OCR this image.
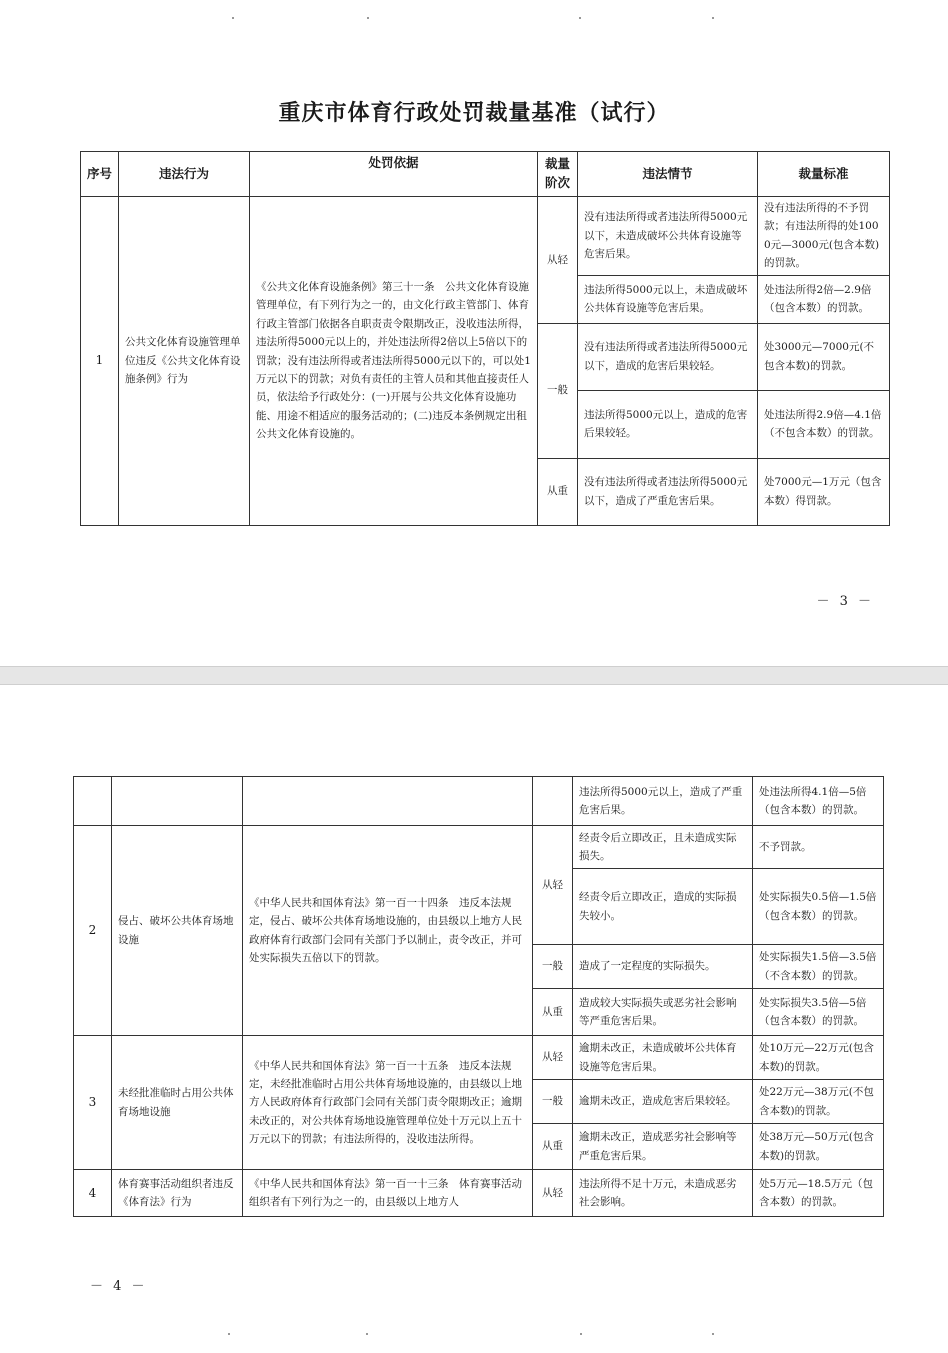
重庆市体育行政处罚裁量基准（试行）
序号	违法行为	处罚依据	裁量阶次	违法情节	裁量标准
1	公共文化体育设施管理单位违反《公共文化体育设施条例》行为	《公共文化体育设施条例》第三十一条　公共文化体育设施管理单位，有下列行为之一的，由文化行政主管部门、体育行政主管部门依据各自职责责令限期改正，没收违法所得，违法所得5000元以上的，并处违法所得2倍以上5倍以下的罚款；没有违法所得或者违法所得5000元以下的，可以处1万元以下的罚款；对负有责任的主管人员和其他直接责任人员，依法给予行政处分：(一)开展与公共文化体育设施功能、用途不相适应的服务活动的；(二)违反本条例规定出租公共文化体育设施的。	从轻	没有违法所得或者违法所得5000元以下，未造成破坏公共体育设施等危害后果。	没有违法所得的不予罚款；有违法所得的处1000元—3000元(包含本数)的罚款。
				违法所得5000元以上，未造成破坏公共体育设施等危害后果。	处违法所得2倍—2.9倍（包含本数）的罚款。
			一般	没有违法所得或者违法所得5000元以下，造成的危害后果较轻。	处3000元—7000元(不包含本数)的罚款。
				违法所得5000元以上，造成的危害后果较轻。	处违法所得2.9倍—4.1倍（不包含本数）的罚款。
			从重	没有违法所得或者违法所得5000元以下，造成了严重危害后果。	处7000元—1万元（包含本数）得罚款。
－ 3 －
				违法所得5000元以上，造成了严重危害后果。	处违法所得4.1倍—5倍（包含本数）的罚款。
2	侵占、破坏公共体育场地设施	《中华人民共和国体育法》第一百一十四条　违反本法规定，侵占、破坏公共体育场地设施的，由县级以上地方人民政府体育行政部门会同有关部门予以制止，责令改正，并可处实际损失五倍以下的罚款。	从轻	经责令后立即改正，且未造成实际损失。	不予罚款。
				经责令后立即改正，造成的实际损失较小。	处实际损失0.5倍—1.5倍（包含本数）的罚款。
			一般	造成了一定程度的实际损失。	处实际损失1.5倍—3.5倍（不含本数）的罚款。
			从重	造成较大实际损失或恶劣社会影响等严重危害后果。	处实际损失3.5倍—5倍（包含本数）的罚款。
3	未经批准临时占用公共体育场地设施	《中华人民共和国体育法》第一百一十五条　违反本法规定，未经批准临时占用公共体育场地设施的，由县级以上地方人民政府体育行政部门会同有关部门责令限期改正；逾期未改正的，对公共体育场地设施管理单位处十万元以上五十万元以下的罚款；有违法所得的，没收违法所得。	从轻	逾期未改正，未造成破坏公共体育设施等危害后果。	处10万元—22万元(包含本数)的罚款。
			一般	逾期未改正，造成危害后果较轻。	处22万元—38万元(不包含本数)的罚款。
			从重	逾期未改正，造成恶劣社会影响等严重危害后果。	处38万元—50万元(包含本数)的罚款。
4	体育赛事活动组织者违反《体育法》行为	《中华人民共和国体育法》第一百一十三条　体育赛事活动组织者有下列行为之一的，由县级以上地方人	从轻	违法所得不足十万元，未造成恶劣社会影响。	处5万元—18.5万元（包含本数）的罚款。
－ 4 －
